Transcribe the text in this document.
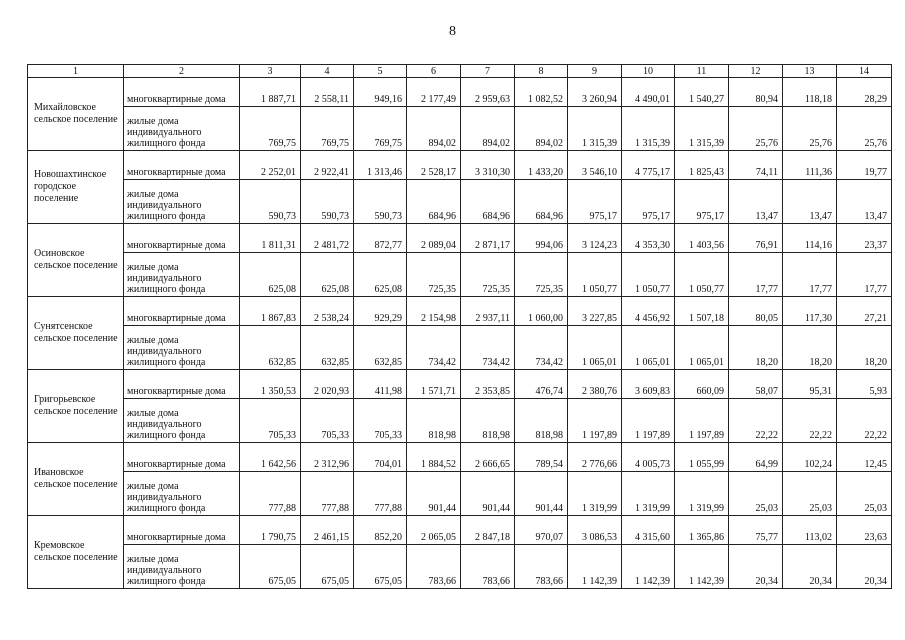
8
1	2	3	4	5	6	7	8	9	10	11	12	13	14
Михайловское сельское поселение	многоквартирные дома	1 887,71	2 558,11	949,16	2 177,49	2 959,63	1 082,52	3 260,94	4 490,01	1 540,27	80,94	118,18	28,29
	жилые дома индивидуального жилищного фонда	769,75	769,75	769,75	894,02	894,02	894,02	1 315,39	1 315,39	1 315,39	25,76	25,76	25,76
Новошахтинское городское поселение	многоквартирные дома	2 252,01	2 922,41	1 313,46	2 528,17	3 310,30	1 433,20	3 546,10	4 775,17	1 825,43	74,11	111,36	19,77
	жилые дома индивидуального жилищного фонда	590,73	590,73	590,73	684,96	684,96	684,96	975,17	975,17	975,17	13,47	13,47	13,47
Осиновское сельское поселение	многоквартирные дома	1 811,31	2 481,72	872,77	2 089,04	2 871,17	994,06	3 124,23	4 353,30	1 403,56	76,91	114,16	23,37
	жилые дома индивидуального жилищного фонда	625,08	625,08	625,08	725,35	725,35	725,35	1 050,77	1 050,77	1 050,77	17,77	17,77	17,77
Сунятсенское сельское поселение	многоквартирные дома	1 867,83	2 538,24	929,29	2 154,98	2 937,11	1 060,00	3 227,85	4 456,92	1 507,18	80,05	117,30	27,21
	жилые дома индивидуального жилищного фонда	632,85	632,85	632,85	734,42	734,42	734,42	1 065,01	1 065,01	1 065,01	18,20	18,20	18,20
Григорьевское сельское поселение	многоквартирные дома	1 350,53	2 020,93	411,98	1 571,71	2 353,85	476,74	2 380,76	3 609,83	660,09	58,07	95,31	5,93
	жилые дома индивидуального жилищного фонда	705,33	705,33	705,33	818,98	818,98	818,98	1 197,89	1 197,89	1 197,89	22,22	22,22	22,22
Ивановское сельское поселение	многоквартирные дома	1 642,56	2 312,96	704,01	1 884,52	2 666,65	789,54	2 776,66	4 005,73	1 055,99	64,99	102,24	12,45
	жилые дома индивидуального жилищного фонда	777,88	777,88	777,88	901,44	901,44	901,44	1 319,99	1 319,99	1 319,99	25,03	25,03	25,03
Кремовское сельское поселение	многоквартирные дома	1 790,75	2 461,15	852,20	2 065,05	2 847,18	970,07	3 086,53	4 315,60	1 365,86	75,77	113,02	23,63
	жилые дома индивидуального жилищного фонда	675,05	675,05	675,05	783,66	783,66	783,66	1 142,39	1 142,39	1 142,39	20,34	20,34	20,34
